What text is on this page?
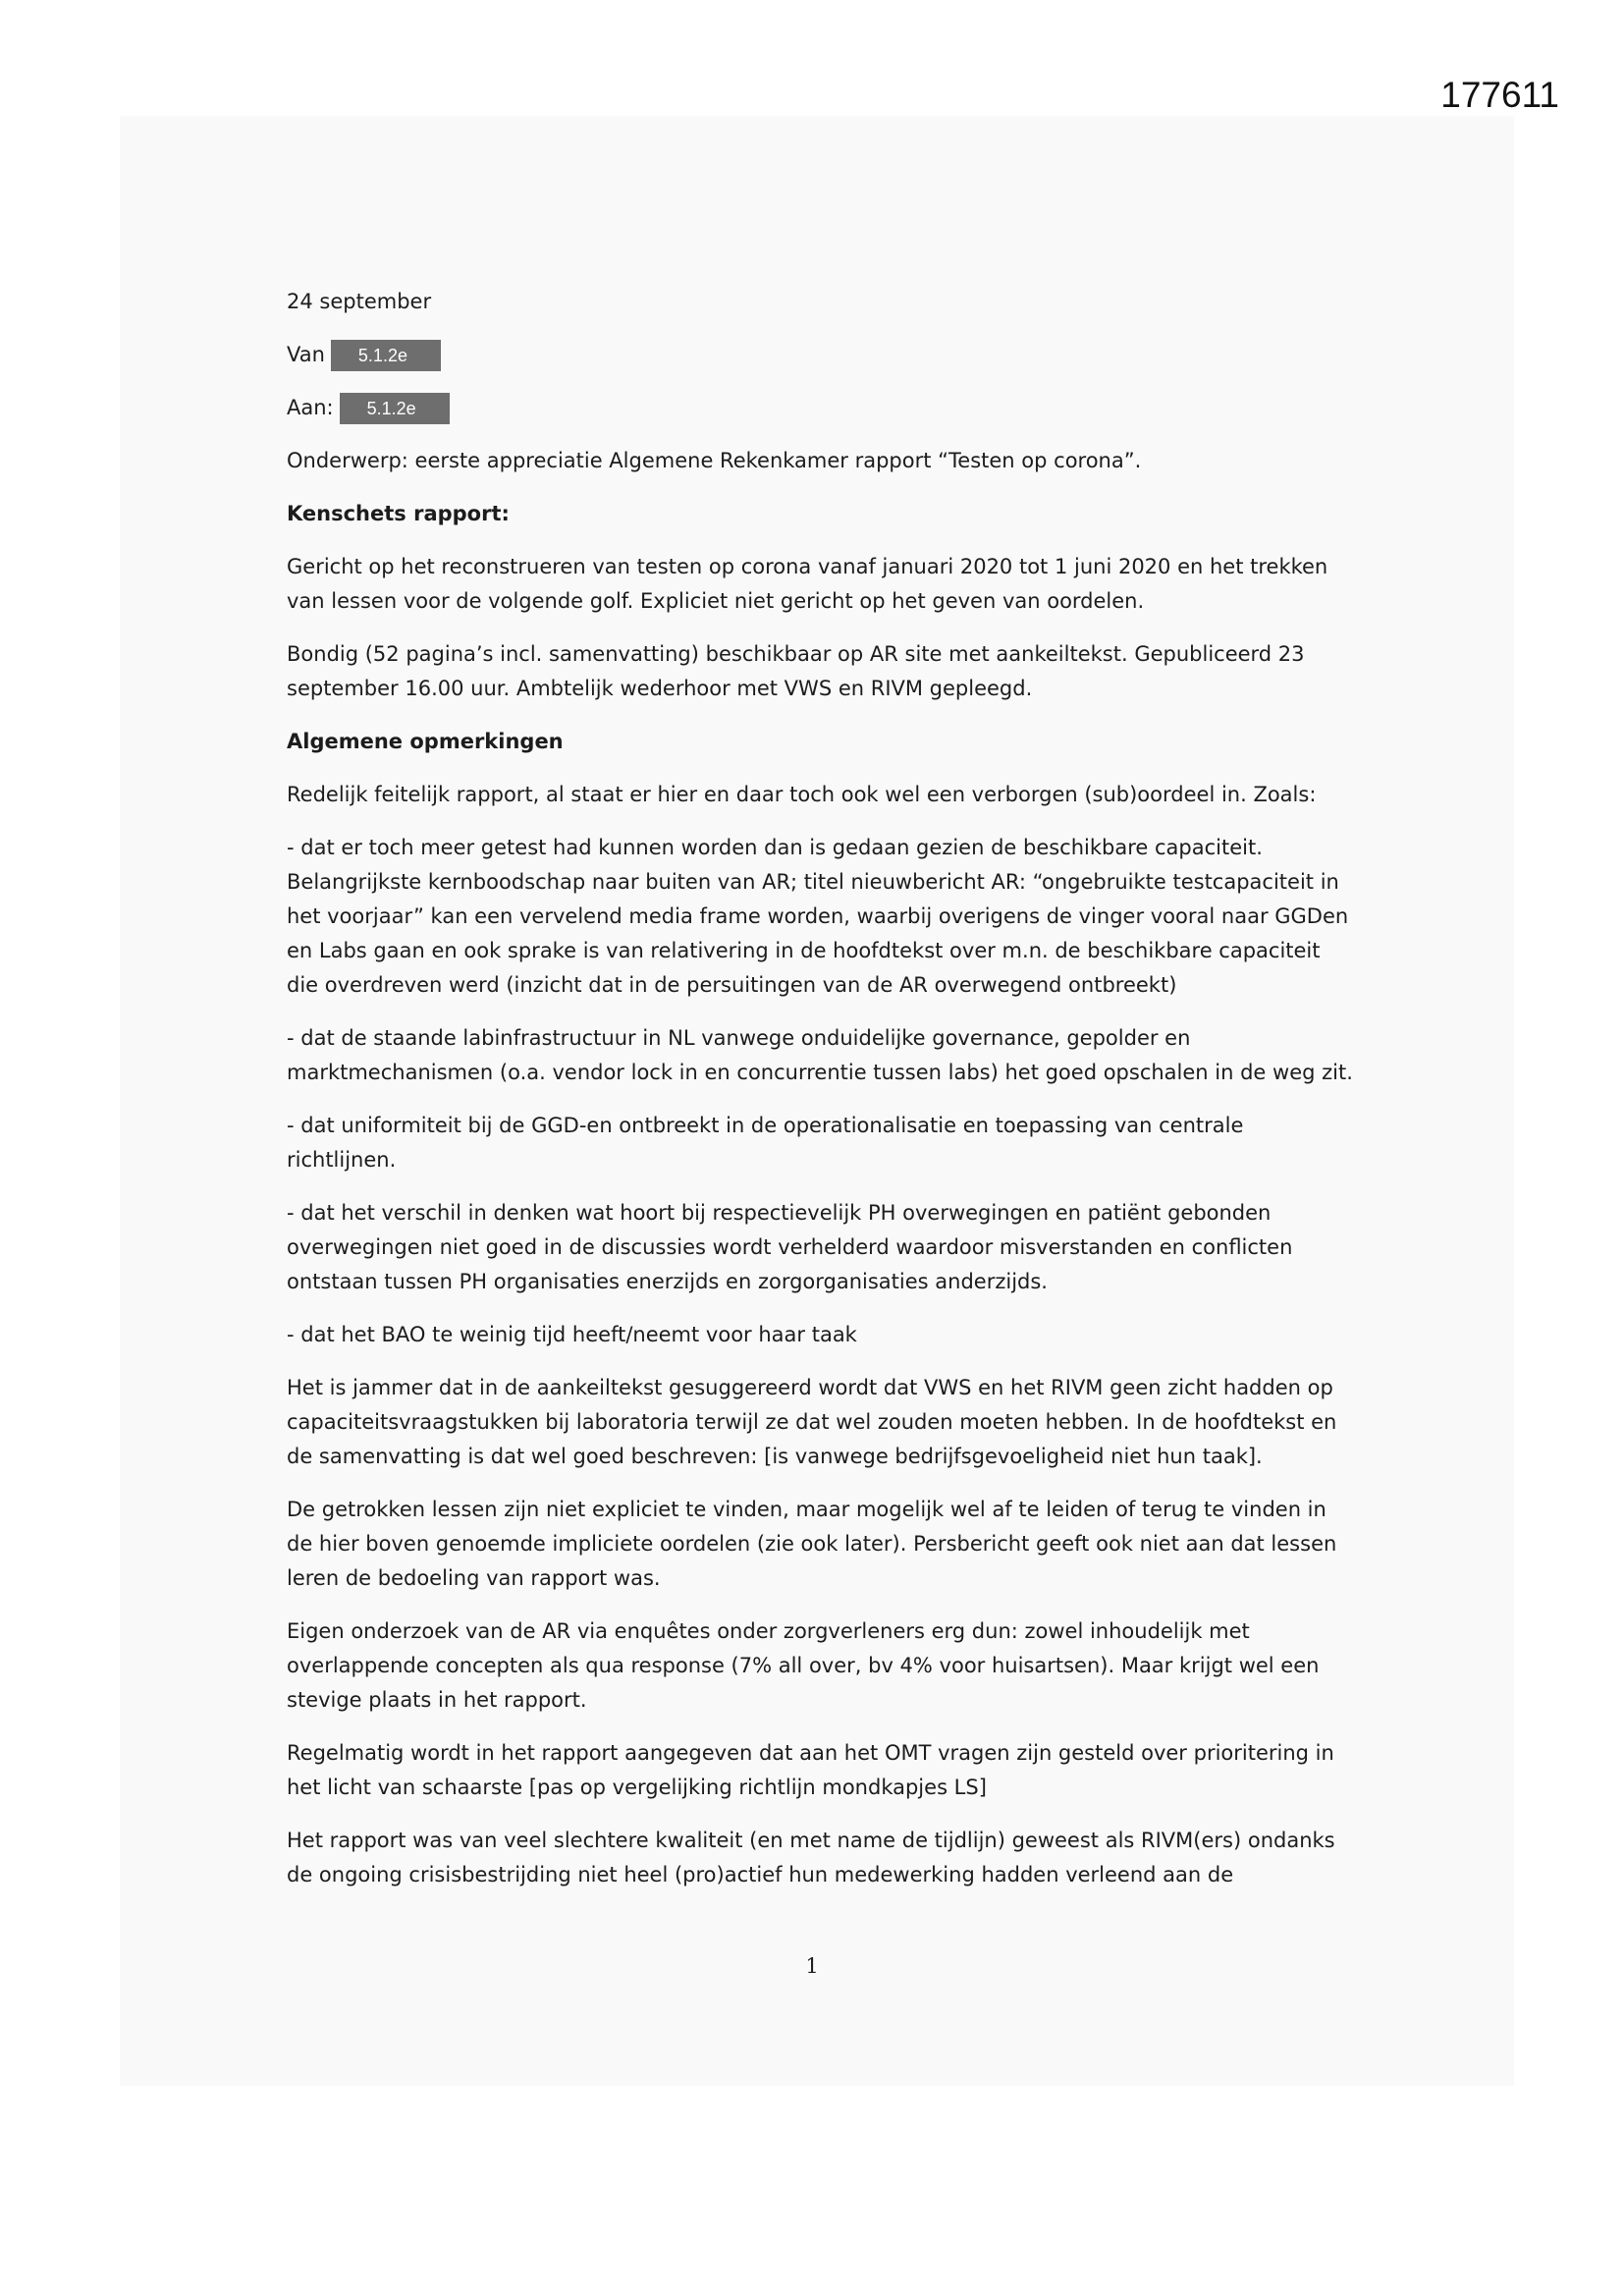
177611

24 september

Van	5.1.2e
Aan:	5.1.2e

Onderwerp: eerste appreciatie Algemene Rekenkamer rapport “Testen op corona”.

Kenschets rapport:

Gericht op het reconstrueren van testen op corona vanaf januari 2020 tot 1 juni 2020 en het trekken van lessen voor de volgende golf. Expliciet niet gericht op het geven van oordelen.

Bondig (52 pagina’s incl. samenvatting) beschikbaar op AR site met aankeiltekst. Gepubliceerd 23 september 16.00 uur. Ambtelijk wederhoor met VWS en RIVM gepleegd.

Algemene opmerkingen

Redelijk feitelijk rapport, al staat er hier en daar toch ook wel een verborgen (sub)oordeel in. Zoals:

- dat er toch meer getest had kunnen worden dan is gedaan gezien de beschikbare capaciteit. Belangrijkste kernboodschap naar buiten van AR; titel nieuwbericht AR: “ongebruikte testcapaciteit in het voorjaar” kan een vervelend media frame worden, waarbij overigens de vinger vooral naar GGDen en Labs gaan en ook sprake is van relativering in de hoofdtekst over m.n. de beschikbare capaciteit die overdreven werd (inzicht dat in de persuitingen van de AR overwegend ontbreekt)

- dat de staande labinfrastructuur in NL vanwege onduidelijke governance, gepolder en marktmechanismen (o.a. vendor lock in en concurrentie tussen labs) het goed opschalen in de weg zit.

- dat uniformiteit bij de GGD-en ontbreekt in de operationalisatie en toepassing van centrale richtlijnen.

- dat het verschil in denken wat hoort bij respectievelijk PH overwegingen en patiënt gebonden overwegingen niet goed in de discussies wordt verhelderd waardoor misverstanden en conflicten ontstaan tussen PH organisaties enerzijds en zorgorganisaties anderzijds.

- dat het BAO te weinig tijd heeft/neemt voor haar taak

Het is jammer dat in de aankeiltekst gesuggereerd wordt dat VWS en het RIVM geen zicht hadden op capaciteitsvraagstukken bij laboratoria terwijl ze dat wel zouden moeten hebben. In de hoofdtekst en de samenvatting is dat wel goed beschreven: [is vanwege bedrijfsgevoeligheid niet hun taak].

De getrokken lessen zijn niet expliciet te vinden, maar mogelijk wel af te leiden of terug te vinden in de hier boven genoemde impliciete oordelen (zie ook later). Persbericht geeft ook niet aan dat lessen leren de bedoeling van rapport was.

Eigen onderzoek van de AR via enquêtes onder zorgverleners erg dun: zowel inhoudelijk met overlappende concepten als qua response (7% all over, bv 4% voor huisartsen). Maar krijgt wel een stevige plaats in het rapport.

Regelmatig wordt in het rapport aangegeven dat aan het OMT vragen zijn gesteld over prioritering in het licht van schaarste [pas op vergelijking richtlijn mondkapjes LS]

Het rapport was van veel slechtere kwaliteit (en met name de tijdlijn) geweest als RIVM(ers) ondanks de ongoing crisisbestrijding niet heel (pro)actief hun medewerking hadden verleend aan de

1
